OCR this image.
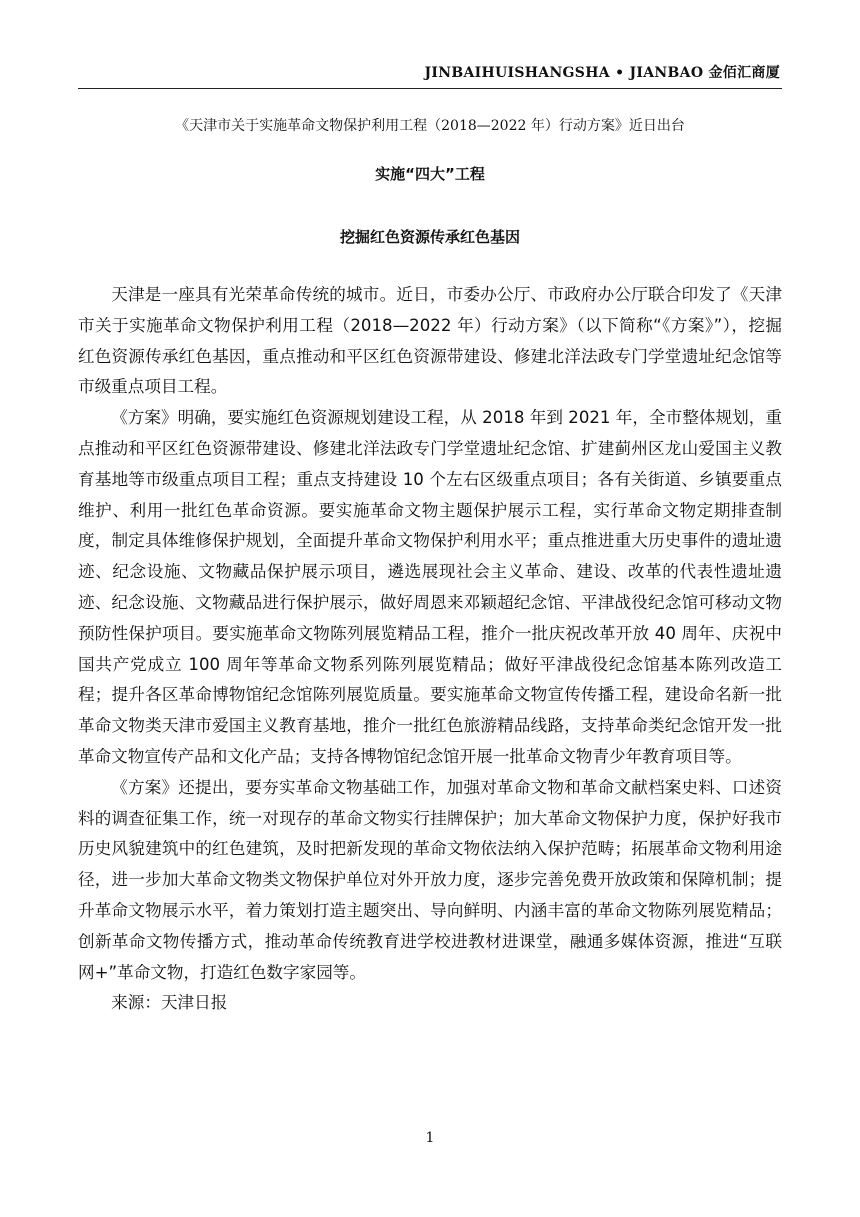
JINBAIHUISHANGSHA • JIANBAO 金佰汇商厦
《天津市关于实施革命文物保护利用工程（2018—2022 年）行动方案》近日出台
实施“四大”工程
挖掘红色资源传承红色基因

天津是一座具有光荣革命传统的城市。近日，市委办公厅、市政府办公厅联合印发了《天津市关于实施革命文物保护利用工程（2018—2022 年）行动方案》（以下简称“《方案》”），挖掘红色资源传承红色基因，重点推动和平区红色资源带建设、修建北洋法政专门学堂遗址纪念馆等市级重点项目工程。

《方案》明确，要实施红色资源规划建设工程，从 2018 年到 2021 年，全市整体规划，重点推动和平区红色资源带建设、修建北洋法政专门学堂遗址纪念馆、扩建蓟州区龙山爱国主义教育基地等市级重点项目工程；重点支持建设 10 个左右区级重点项目；各有关街道、乡镇要重点维护、利用一批红色革命资源。要实施革命文物主题保护展示工程，实行革命文物定期排查制度，制定具体维修保护规划，全面提升革命文物保护利用水平；重点推进重大历史事件的遗址遗迹、纪念设施、文物藏品保护展示项目，遴选展现社会主义革命、建设、改革的代表性遗址遗迹、纪念设施、文物藏品进行保护展示，做好周恩来邓颖超纪念馆、平津战役纪念馆可移动文物预防性保护项目。要实施革命文物陈列展览精品工程，推介一批庆祝改革开放 40 周年、庆祝中国共产党成立 100 周年等革命文物系列陈列展览精品；做好平津战役纪念馆基本陈列改造工程；提升各区革命博物馆纪念馆陈列展览质量。要实施革命文物宣传传播工程，建设命名新一批革命文物类天津市爱国主义教育基地，推介一批红色旅游精品线路，支持革命类纪念馆开发一批革命文物宣传产品和文化产品；支持各博物馆纪念馆开展一批革命文物青少年教育项目等。

《方案》还提出，要夯实革命文物基础工作，加强对革命文物和革命文献档案史料、口述资料的调查征集工作，统一对现存的革命文物实行挂牌保护；加大革命文物保护力度，保护好我市历史风貌建筑中的红色建筑，及时把新发现的革命文物依法纳入保护范畴；拓展革命文物利用途径，进一步加大革命文物类文物保护单位对外开放力度，逐步完善免费开放政策和保障机制；提升革命文物展示水平，着力策划打造主题突出、导向鲜明、内涵丰富的革命文物陈列展览精品；创新革命文物传播方式，推动革命传统教育进学校进教材进课堂，融通多媒体资源，推进“互联网+”革命文物，打造红色数字家园等。

来源：天津日报

1
